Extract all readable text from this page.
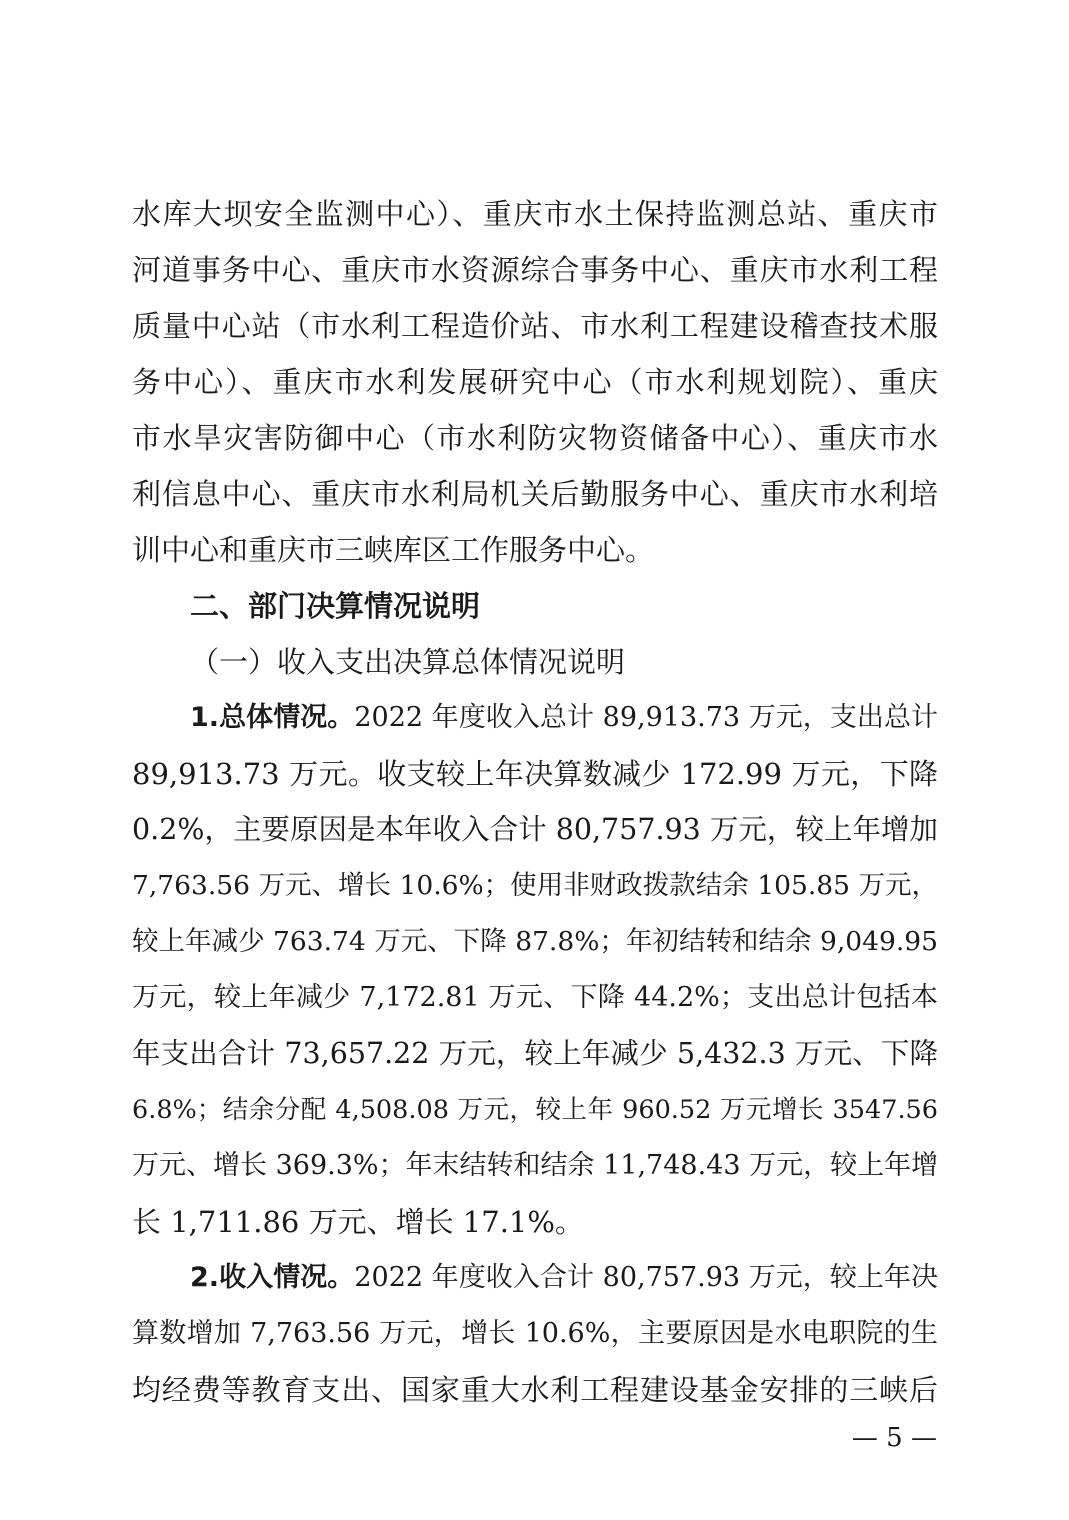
水库大坝安全监测中心）、重庆市水土保持监测总站、重庆市
河道事务中心、重庆市水资源综合事务中心、重庆市水利工程
质量中心站（市水利工程造价站、市水利工程建设稽查技术服
务中心）、重庆市水利发展研究中心（市水利规划院）、重庆
市水旱灾害防御中心（市水利防灾物资储备中心）、重庆市水
利信息中心、重庆市水利局机关后勤服务中心、重庆市水利培
训中心和重庆市三峡库区工作服务中心。
二、部门决算情况说明
（一）收入支出决算总体情况说明
1.总体情况。2022 年度收入总计 89,913.73 万元，支出总计
89,913.73 万元。收支较上年决算数减少 172.99 万元，下降
0.2%，主要原因是本年收入合计 80,757.93 万元，较上年增加
7,763.56 万元、增长 10.6%；使用非财政拨款结余 105.85 万元，
较上年减少 763.74 万元、下降 87.8%；年初结转和结余 9,049.95
万元，较上年减少 7,172.81 万元、下降 44.2%；支出总计包括本
年支出合计 73,657.22 万元，较上年减少 5,432.3 万元、下降
6.8%；结余分配 4,508.08 万元，较上年 960.52 万元增长 3547.56
万元、增长 369.3%；年末结转和结余 11,748.43 万元，较上年增
长 1,711.86 万元、增长 17.1%。
2.收入情况。2022 年度收入合计 80,757.93 万元，较上年决
算数增加 7,763.56 万元，增长 10.6%，主要原因是水电职院的生
均经费等教育支出、国家重大水利工程建设基金安排的三峡后
— 5 —
